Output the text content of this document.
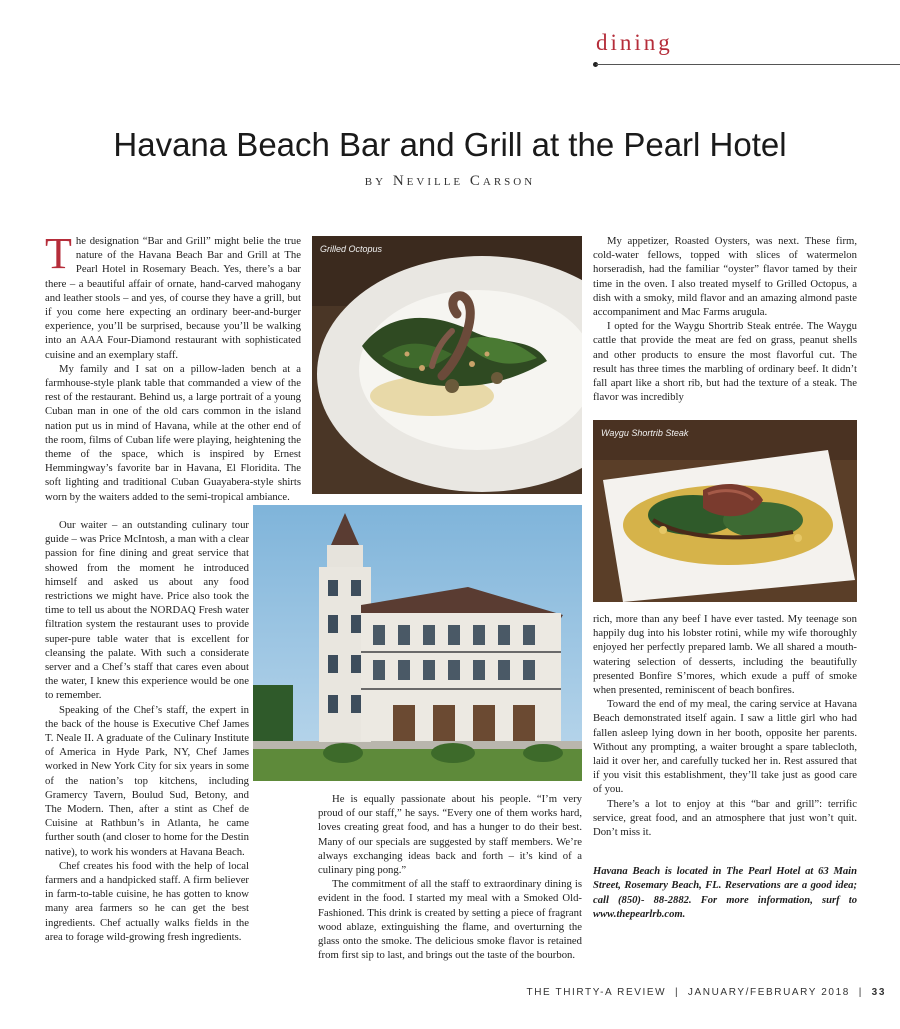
dining
Havana Beach Bar and Grill at the Pearl Hotel
by Neville Carson

The designation “Bar and Grill” might belie the true nature of the Havana Beach Bar and Grill at The Pearl Hotel in Rosemary Beach. Yes, there’s a bar there – a beautiful affair of ornate, hand-carved mahogany and leather stools – and yes, of course they have a grill, but if you come here expecting an ordinary beer-and-burger experience, you’ll be surprised, because you’ll be walking into an AAA Four-Diamond restaurant with sophisticated cuisine and an exemplary staff.

My family and I sat on a pillow-laden bench at a farmhouse-style plank table that commanded a view of the rest of the restaurant. Behind us, a large portrait of a young Cuban man in one of the old cars common in the island nation put us in mind of Havana, while at the other end of the room, films of Cuban life were playing, heightening the theme of the space, which is inspired by Ernest Hemmingway’s favorite bar in Havana, El Floridita. The soft lighting and traditional Cuban Guayabera-style shirts worn by the waiters added to the semi-tropical ambiance.

Our waiter – an outstanding culinary tour guide – was Price McIntosh, a man with a clear passion for fine dining and great service that showed from the moment he introduced himself and asked us about any food restrictions we might have. Price also took the time to tell us about the NORDAQ Fresh water filtration system the restaurant uses to provide super-pure table water that is excellent for cleansing the palate. With such a considerate server and a Chef’s staff that cares even about the water, I knew this experience would be one to remember.

Speaking of the Chef’s staff, the expert in the back of the house is Executive Chef James T. Neale II. A graduate of the Culinary Institute of America in Hyde Park, NY, Chef James worked in New York City for six years in some of the nation’s top kitchens, including Gramercy Tavern, Boulud Sud, Betony, and The Modern. Then, after a stint as Chef de Cuisine at Rathbun’s in Atlanta, he came further south (and closer to home for the Destin native), to work his wonders at Havana Beach.

Chef creates his food with the help of local farmers and a handpicked staff. A firm believer in farm-to-table cuisine, he has gotten to know many area farmers so he can get the best ingredients. Chef actually walks fields in the area to forage wild-growing fresh ingredients.

He is equally passionate about his people. “I’m very proud of our staff,” he says. “Every one of them works hard, loves creating great food, and has a hunger to do their best. Many of our specials are suggested by staff members. We’re always exchanging ideas back and forth – it’s kind of a culinary ping pong.”

The commitment of all the staff to extraordinary dining is evident in the food. I started my meal with a Smoked Old-Fashioned. This drink is created by setting a piece of fragrant wood ablaze, extinguishing the flame, and overturning the glass onto the smoke. The delicious smoke flavor is retained from first sip to last, and brings out the taste of the bourbon.

My appetizer, Roasted Oysters, was next. These firm, cold-water fellows, topped with slices of watermelon horseradish, had the familiar “oyster” flavor tamed by their time in the oven. I also treated myself to Grilled Octopus, a dish with a smoky, mild flavor and an amazing almond paste accompaniment and Mac Farms arugula.

I opted for the Waygu Shortrib Steak entrée. The Waygu cattle that provide the meat are fed on grass, peanut shells and other products to ensure the most flavorful cut. The result has three times the marbling of ordinary beef. It didn’t fall apart like a short rib, but had the texture of a steak. The flavor was incredibly

rich, more than any beef I have ever tasted. My teenage son happily dug into his lobster rotini, while my wife thoroughly enjoyed her perfectly prepared lamb. We all shared a mouth-watering selection of desserts, including the beautifully presented Bonfire S’mores, which exude a puff of smoke when presented, reminiscent of beach bonfires.

Toward the end of my meal, the caring service at Havana Beach demonstrated itself again. I saw a little girl who had fallen asleep lying down in her booth, opposite her parents. Without any prompting, a waiter brought a spare tablecloth, laid it over her, and carefully tucked her in. Rest assured that if you visit this establishment, they’ll take just as good care of you.

There’s a lot to enjoy at this “bar and grill”: terrific service, great food, and an atmosphere that just won’t quit. Don’t miss it.

Havana Beach is located in The Pearl Hotel at 63 Main Street, Rosemary Beach, FL. Reservations are a good idea; call (850)- 88-2882. For more information, surf to www.thepearlrb.com.

Grilled Octopus
Waygu Shortrib Steak
THE THIRTY-A REVIEW  |  JANUARY/FEBRUARY 2018  |  33
